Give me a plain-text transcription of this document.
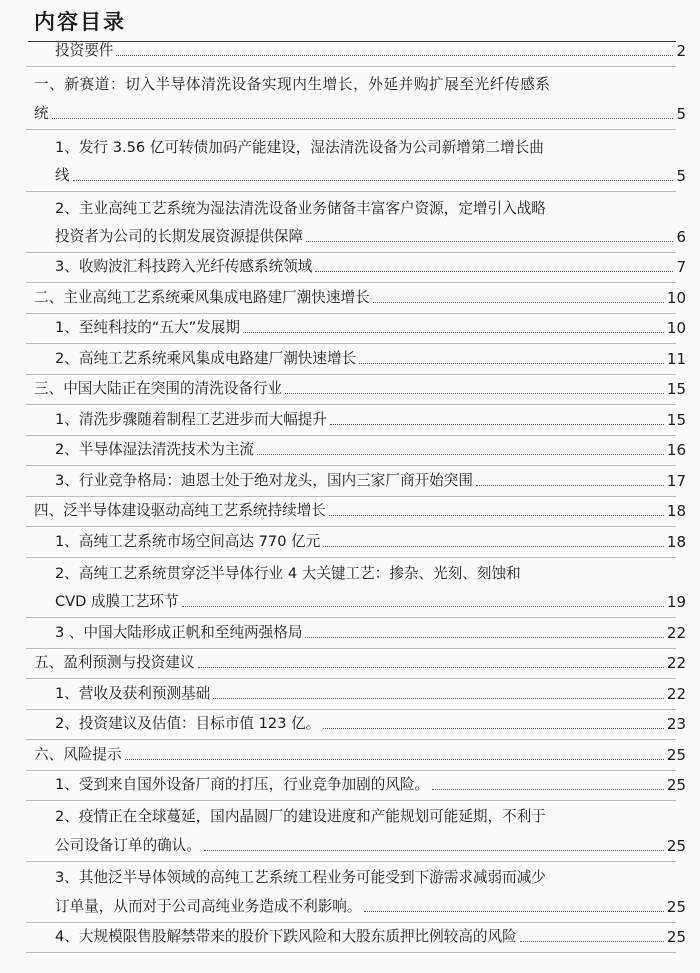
内容目录
投资要件	2
一、新赛道：切入半导体清洗设备实现内生增长，外延并购扩展至光纤传感系
统	5
1、发行 3.56 亿可转债加码产能建设，湿法清洗设备为公司新增第二增长曲
线	5
2、主业高纯工艺系统为湿法清洗设备业务储备丰富客户资源，定增引入战略
投资者为公司的长期发展资源提供保障	6
3、收购波汇科技跨入光纤传感系统领域	7
二、主业高纯工艺系统乘风集成电路建厂潮快速增长	10
1、至纯科技的“五大”发展期	10
2、高纯工艺系统乘风集成电路建厂潮快速增长	11
三、中国大陆正在突围的清洗设备行业	15
1、清洗步骤随着制程工艺进步而大幅提升	15
2、半导体湿法清洗技术为主流	16
3、行业竞争格局：迪恩士处于绝对龙头，国内三家厂商开始突围	17
四、泛半导体建设驱动高纯工艺系统持续增长	18
1、高纯工艺系统市场空间高达 770 亿元	18
2、高纯工艺系统贯穿泛半导体行业 4 大关键工艺：掺杂、光刻、刻蚀和
CVD 成膜工艺环节	19
3 、中国大陆形成正帆和至纯两强格局	22
五、盈利预测与投资建议	22
1、营收及获利预测基础	22
2、投资建议及估值：目标市值 123 亿。	23
六、风险提示	25
1、受到来自国外设备厂商的打压，行业竞争加剧的风险。	25
2、疫情正在全球蔓延，国内晶圆厂的建设进度和产能规划可能延期，不利于
公司设备订单的确认。	25
3、其他泛半导体领域的高纯工艺系统工程业务可能受到下游需求减弱而减少
订单量，从而对于公司高纯业务造成不利影响。	25
4、大规模限售股解禁带来的股价下跌风险和大股东质押比例较高的风险	25
